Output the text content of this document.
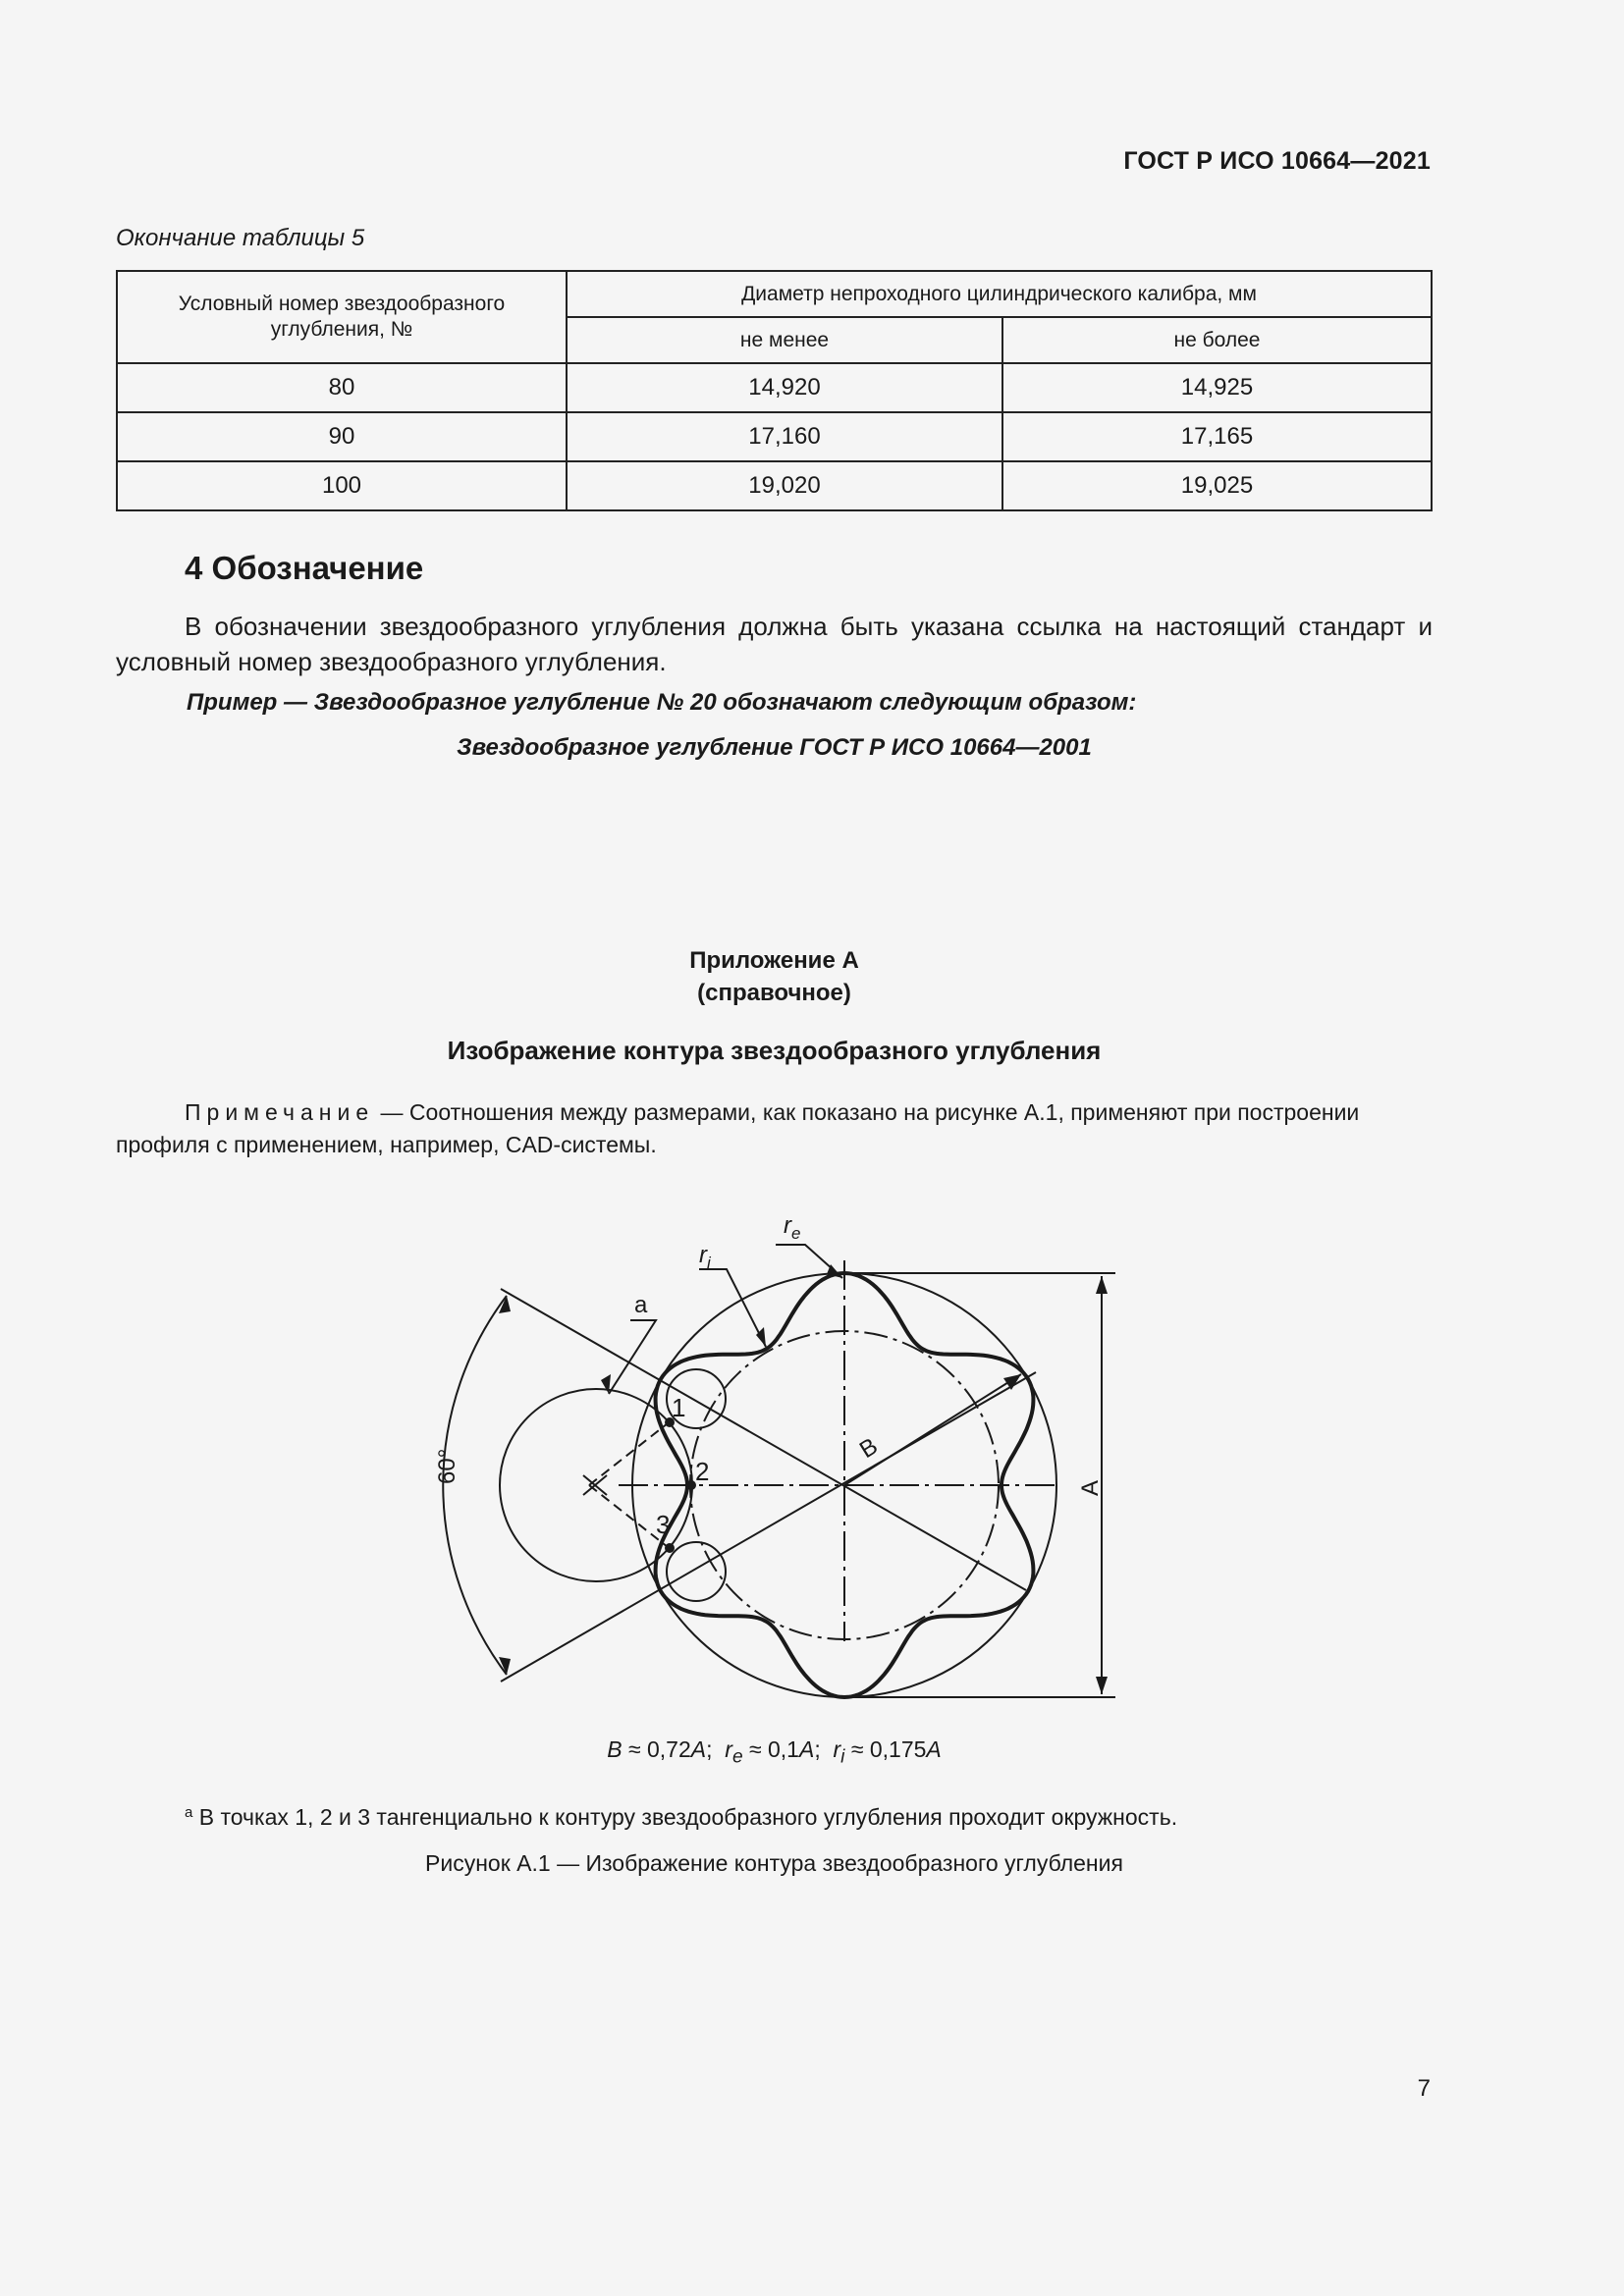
ГОСТ Р ИСО 10664—2021
Окончание таблицы 5
Условный номер звездообразного углубления, №	Диаметр непроходного цилиндрического калибра, мм	
	не менее	не более
80	14,920	14,925
90	17,160	17,165
100	19,020	19,025
4 Обозначение
В обозначении звездообразного углубления должна быть указана ссылка на настоящий стандарт и условный номер звездообразного углубления.
Пример — Звездообразное углубление № 20 обозначают следующим образом:
Звездообразное углубление ГОСТ Р ИСО 10664—2001
Приложение А
(справочное)
Изображение контура звездообразного углубления
Примечание — Соотношения между размерами, как показано на рисунке А.1, применяют при построении профиля с применением, например, CAD-системы.
$r_e$
$r_i$
a
60°
1
2
3
B
A
B ≈ 0,72A;  $r_e \approx 0,1A$;  $r_i \approx 0,175A$
$^a$ В точках 1, 2 и 3 тангенциально к контуру звездообразного углубления проходит окружность.
Рисунок А.1 — Изображение контура звездообразного углубления
7
